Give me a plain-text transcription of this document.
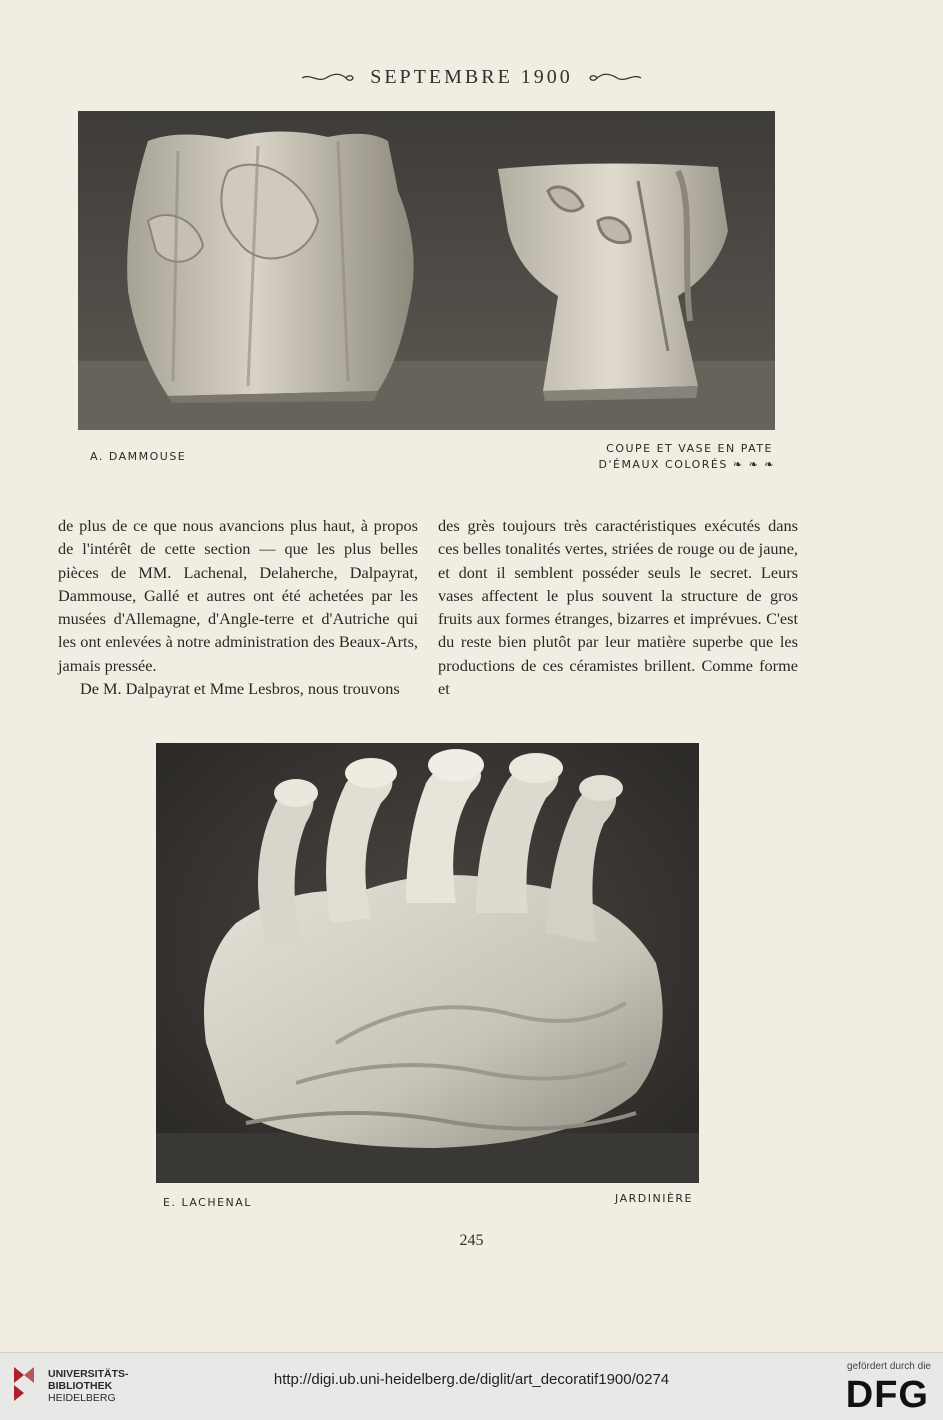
SEPTEMBRE 1900
A. DAMMOUSE
COUPE ET VASE EN PATE
D'ÉMAUX COLORÉS ❧ ❧ ❧

de plus de ce que nous avancions plus haut, à propos de l'intérêt de cette section — que les plus belles pièces de MM. Lachenal, Delaherche, Dalpayrat, Dammouse, Gallé et autres ont été achetées par les musées d'Allemagne, d'Angle-terre et d'Autriche qui les ont enlevées à notre administration des Beaux-Arts, jamais pressée.

De M. Dalpayrat et Mme Lesbros, nous trouvons

des grès toujours très caractéristiques exécutés dans ces belles tonalités vertes, striées de rouge ou de jaune, et dont il semblent posséder seuls le secret. Leurs vases affectent le plus souvent la structure de gros fruits aux formes étranges, bizarres et imprévues. C'est du reste bien plutôt par leur matière superbe que les productions de ces céramistes brillent. Comme forme et

E. LACHENAL	JARDINIÈRE
245
UNIVERSITÄTS-
BIBLIOTHEK
HEIDELBERG
http://digi.ub.uni-heidelberg.de/diglit/art_decoratif1900/0274
gefördert durch die
DFG
